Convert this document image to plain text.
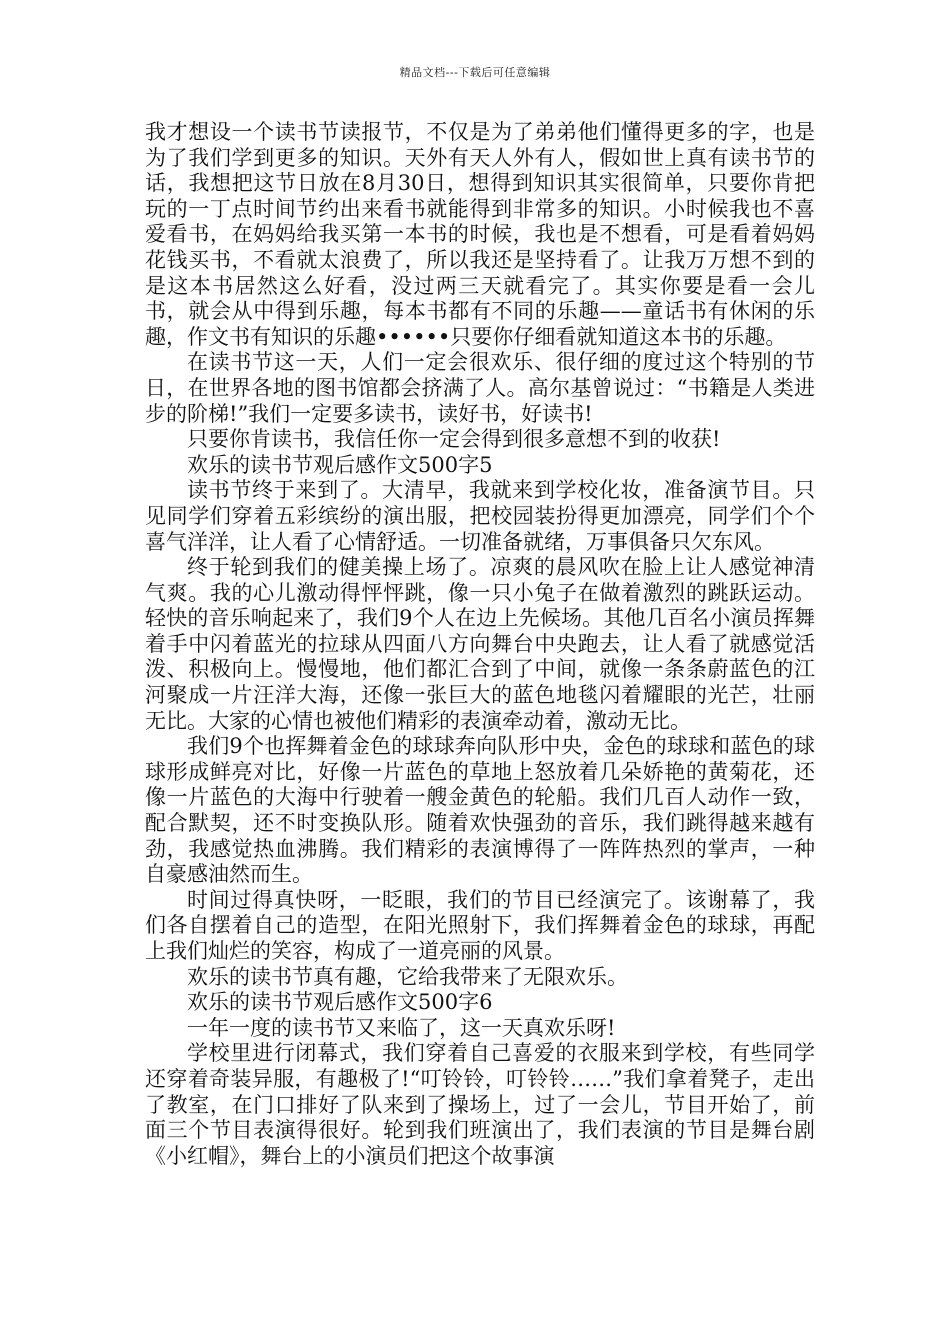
精品文档---下载后可任意编辑

我才想设一个读书节读报节，不仅是为了弟弟他们懂得更多的字，也是为了我们学到更多的知识。天外有天人外有人，假如世上真有读书节的话，我想把这节日放在8月30日，想得到知识其实很简单，只要你肯把玩的一丁点时间节约出来看书就能得到非常多的知识。小时候我也不喜爱看书，在妈妈给我买第一本书的时候，我也是不想看，可是看着妈妈花钱买书，不看就太浪费了，所以我还是坚持看了。让我万万想不到的是这本书居然这么好看，没过两三天就看完了。其实你要是看一会儿书，就会从中得到乐趣，每本书都有不同的乐趣——童话书有休闲的乐趣，作文书有知识的乐趣••••••只要你仔细看就知道这本书的乐趣。

在读书节这一天，人们一定会很欢乐、很仔细的度过这个特别的节日，在世界各地的图书馆都会挤满了人。高尔基曾说过：“书籍是人类进步的阶梯!”我们一定要多读书，读好书，好读书!

只要你肯读书，我信任你一定会得到很多意想不到的收获!

欢乐的读书节观后感作文500字5

读书节终于来到了。大清早，我就来到学校化妆，准备演节目。只见同学们穿着五彩缤纷的演出服，把校园装扮得更加漂亮，同学们个个喜气洋洋，让人看了心情舒适。一切准备就绪，万事俱备只欠东风。

终于轮到我们的健美操上场了。凉爽的晨风吹在脸上让人感觉神清气爽。我的心儿激动得怦怦跳，像一只小兔子在做着激烈的跳跃运动。轻快的音乐响起来了，我们9个人在边上先候场。其他几百名小演员挥舞着手中闪着蓝光的拉球从四面八方向舞台中央跑去，让人看了就感觉活泼、积极向上。慢慢地，他们都汇合到了中间，就像一条条蔚蓝色的江河聚成一片汪洋大海，还像一张巨大的蓝色地毯闪着耀眼的光芒，壮丽无比。大家的心情也被他们精彩的表演牵动着，激动无比。

我们9个也挥舞着金色的球球奔向队形中央，金色的球球和蓝色的球球形成鲜亮对比，好像一片蓝色的草地上怒放着几朵娇艳的黄菊花，还像一片蓝色的大海中行驶着一艘金黄色的轮船。我们几百人动作一致，配合默契，还不时变换队形。随着欢快强劲的音乐，我们跳得越来越有劲，我感觉热血沸腾。我们精彩的表演博得了一阵阵热烈的掌声，一种自豪感油然而生。

时间过得真快呀，一眨眼，我们的节目已经演完了。该谢幕了，我们各自摆着自己的造型，在阳光照射下，我们挥舞着金色的球球，再配上我们灿烂的笑容，构成了一道亮丽的风景。

欢乐的读书节真有趣，它给我带来了无限欢乐。

欢乐的读书节观后感作文500字6

一年一度的读书节又来临了，这一天真欢乐呀!

学校里进行闭幕式，我们穿着自己喜爱的衣服来到学校，有些同学还穿着奇装异服，有趣极了!“叮铃铃，叮铃铃……”我们拿着凳子，走出了教室，在门口排好了队来到了操场上，过了一会儿，节目开始了，前面三个节目表演得很好。轮到我们班演出了，我们表演的节目是舞台剧《小红帽》，舞台上的小演员们把这个故事演
